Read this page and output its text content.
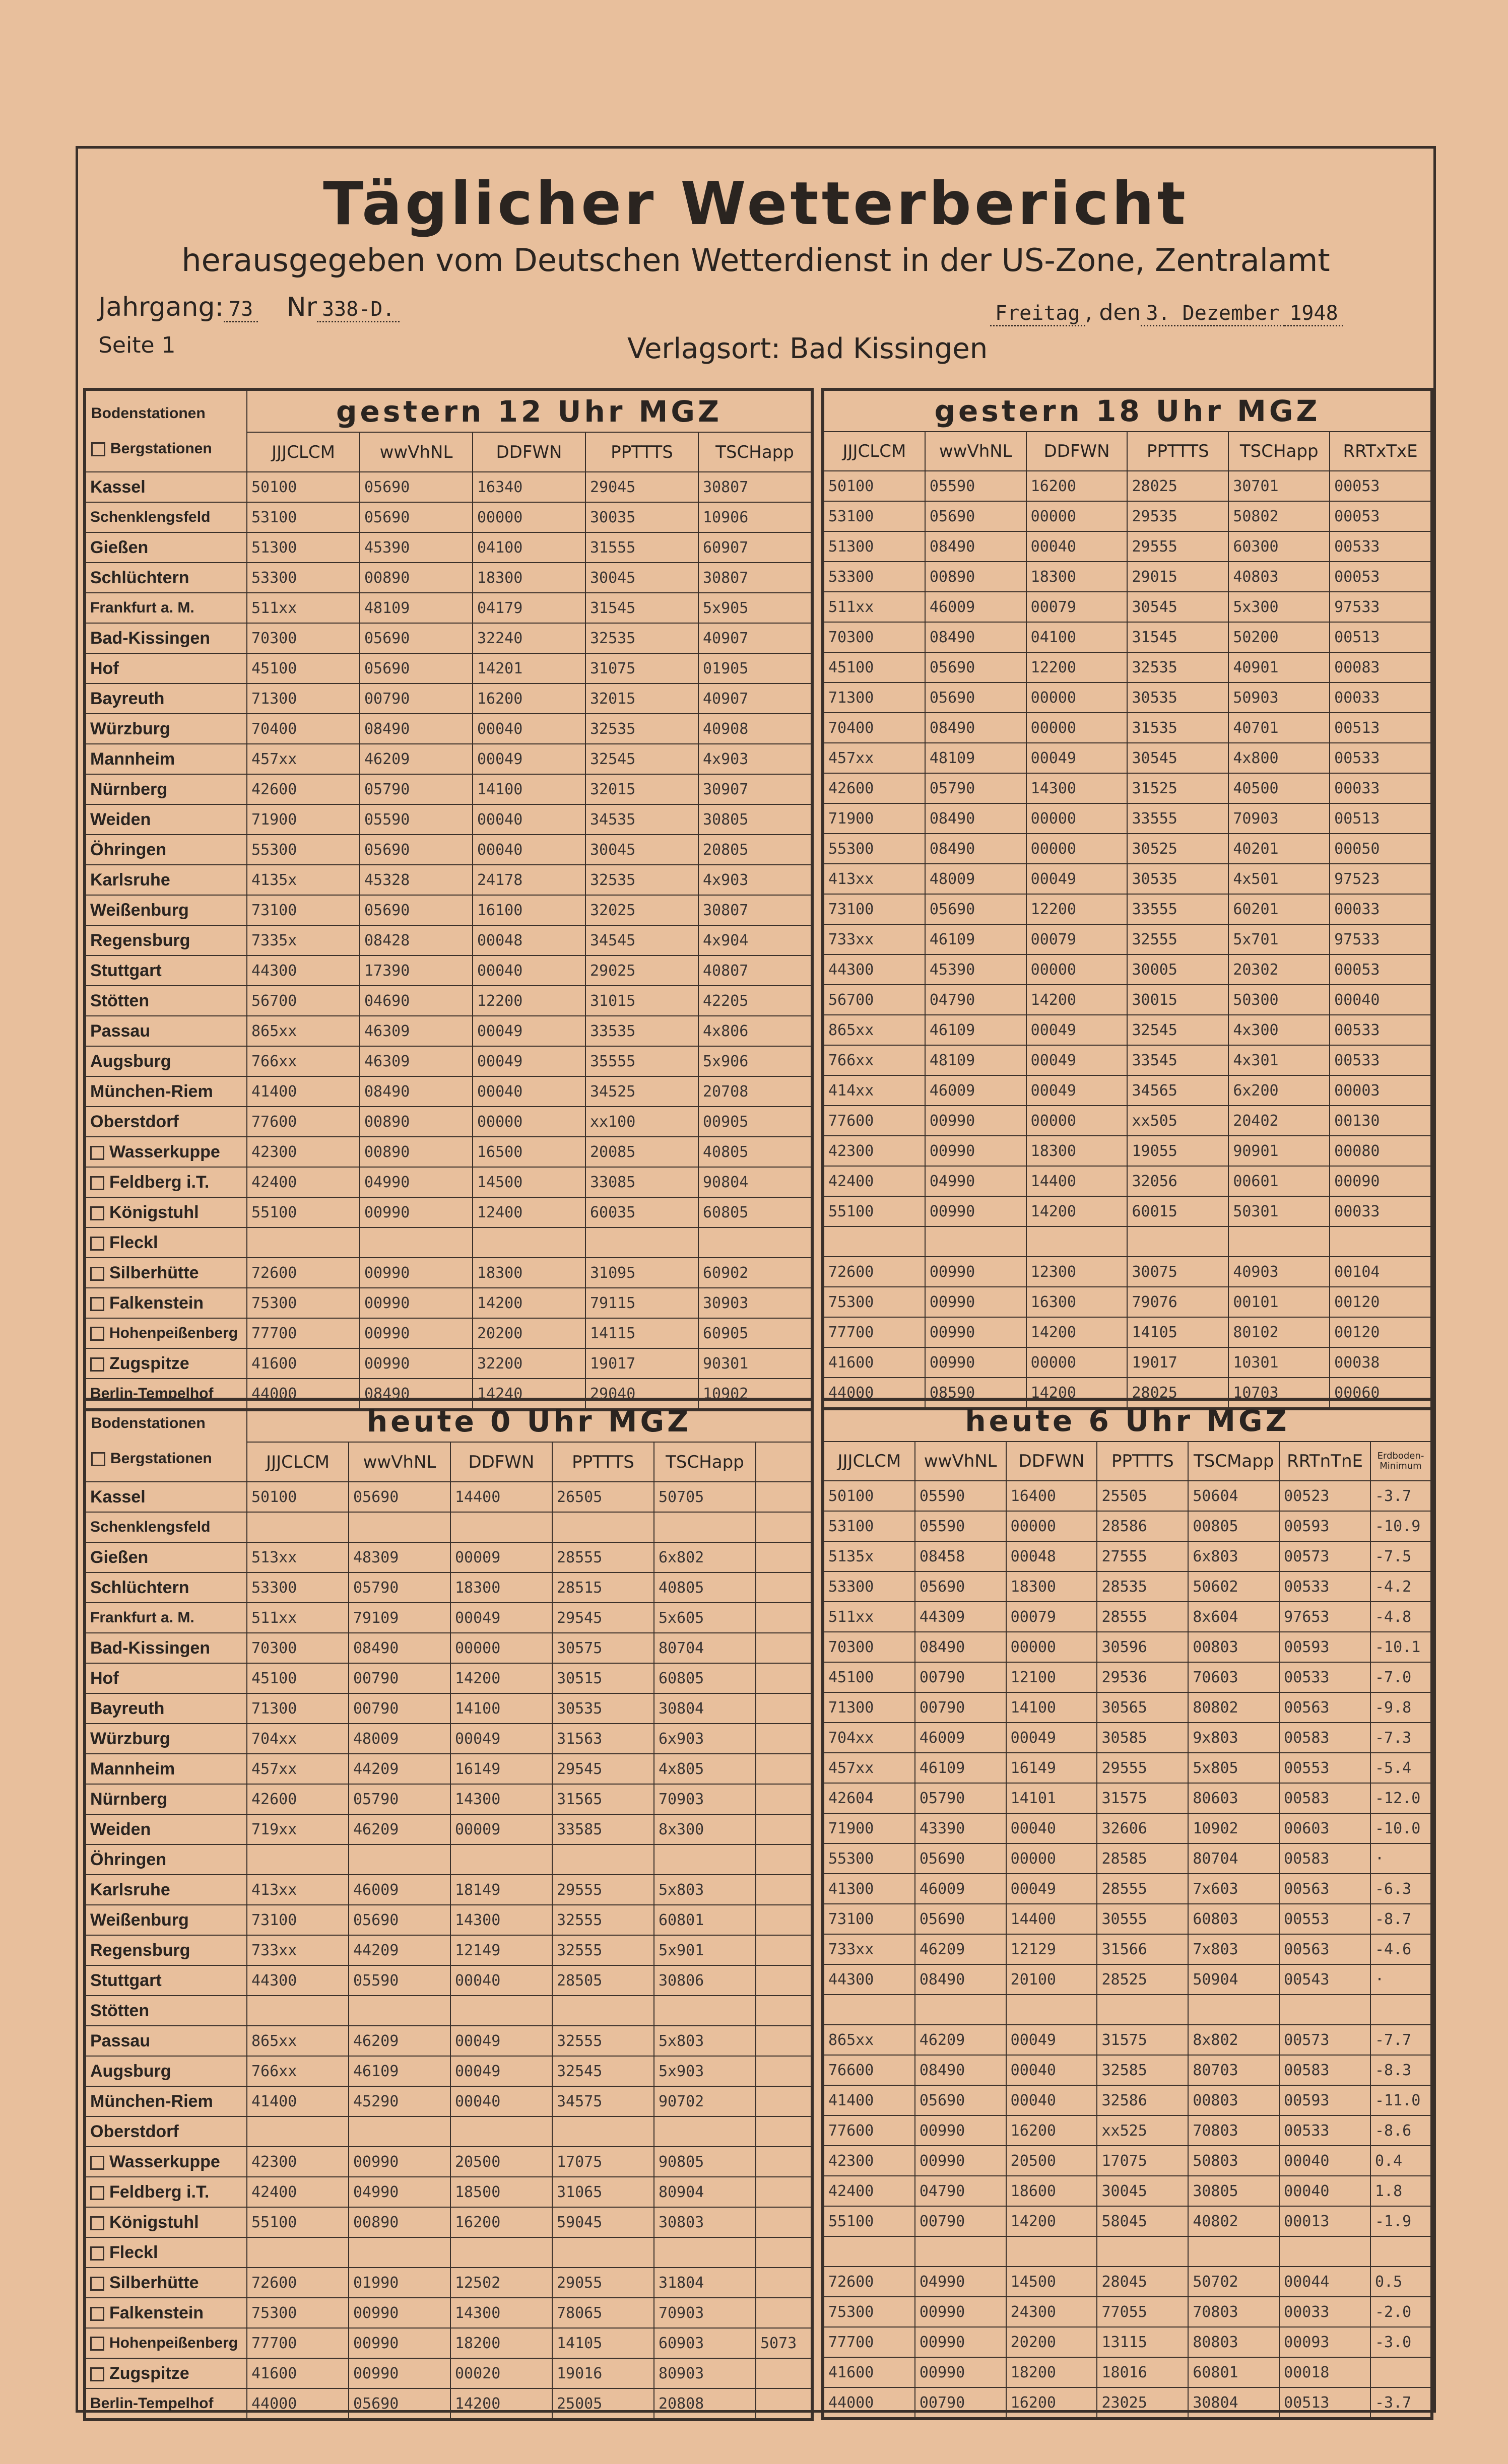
Täglicher Wetterbericht
herausgegeben vom Deutschen Wetterdienst in der US-Zone, Zentralamt
Jahrgang: 73 Nr 338-D.
Seite 1	Verlagsort: Bad Kissingen
Freitag , den 3. Dezember 1948
Bodenstationen
Bergstationen	gestern 12 Uhr MGZ				
	JJJCLCM	wwVhNL	DDFWN	PPTTTS	TSCHapp
Kassel	50100	05690	16340	29045	30807
Schenklengsfeld	53100	05690	00000	30035	10906
Gießen	51300	45390	04100	31555	60907
Schlüchtern	53300	00890	18300	30045	30807
Frankfurt a. M.	511xx	48109	04179	31545	5x905
Bad-Kissingen	70300	05690	32240	32535	40907
Hof	45100	05690	14201	31075	01905
Bayreuth	71300	00790	16200	32015	40907
Würzburg	70400	08490	00040	32535	40908
Mannheim	457xx	46209	00049	32545	4x903
Nürnberg	42600	05790	14100	32015	30907
Weiden	71900	05590	00040	34535	30805
Öhringen	55300	05690	00040	30045	20805
Karlsruhe	4135x	45328	24178	32535	4x903
Weißenburg	73100	05690	16100	32025	30807
Regensburg	7335x	08428	00048	34545	4x904
Stuttgart	44300	17390	00040	29025	40807
Stötten	56700	04690	12200	31015	42205
Passau	865xx	46309	00049	33535	4x806
Augsburg	766xx	46309	00049	35555	5x906
München-Riem	41400	08490	00040	34525	20708
Oberstdorf	77600	00890	00000	xx100	00905
Wasserkuppe	42300	00890	16500	20085	40805
Feldberg i.T.	42400	04990	14500	33085	90804
Königstuhl	55100	00990	12400	60035	60805
Fleckl					
Silberhütte	72600	00990	18300	31095	60902
Falkenstein	75300	00990	14200	79115	30903
Hohenpeißenberg	77700	00990	20200	14115	60905
Zugspitze	41600	00990	32200	19017	90301
Berlin-Tempelhof	44000	08490	14240	29040	10902
gestern 18 Uhr MGZ					
JJJCLCM	wwVhNL	DDFWN	PPTTTS	TSCHapp	RRTxTxE
50100	05590	16200	28025	30701	00053
53100	05690	00000	29535	50802	00053
51300	08490	00040	29555	60300	00533
53300	00890	18300	29015	40803	00053
511xx	46009	00079	30545	5x300	97533
70300	08490	04100	31545	50200	00513
45100	05690	12200	32535	40901	00083
71300	05690	00000	30535	50903	00033
70400	08490	00000	31535	40701	00513
457xx	48109	00049	30545	4x800	00533
42600	05790	14300	31525	40500	00033
71900	08490	00000	33555	70903	00513
55300	08490	00000	30525	40201	00050
413xx	48009	00049	30535	4x501	97523
73100	05690	12200	33555	60201	00033
733xx	46109	00079	32555	5x701	97533
44300	45390	00000	30005	20302	00053
56700	04790	14200	30015	50300	00040
865xx	46109	00049	32545	4x300	00533
766xx	48109	00049	33545	4x301	00533
414xx	46009	00049	34565	6x200	00003
77600	00990	00000	xx505	20402	00130
42300	00990	18300	19055	90901	00080
42400	04990	14400	32056	00601	00090
55100	00990	14200	60015	50301	00033

72600	00990	12300	30075	40903	00104
75300	00990	16300	79076	00101	00120
77700	00990	14200	14105	80102	00120
41600	00990	00000	19017	10301	00038
44000	08590	14200	28025	10703	00060
Bodenstationen
Bergstationen	heute 0 Uhr MGZ					
	JJJCLCM	wwVhNL	DDFWN	PPTTTS	TSCHapp	
Kassel	50100	05690	14400	26505	50705	
Schenklengsfeld						
Gießen	513xx	48309	00009	28555	6x802	
Schlüchtern	53300	05790	18300	28515	40805	
Frankfurt a. M.	511xx	79109	00049	29545	5x605	
Bad-Kissingen	70300	08490	00000	30575	80704	
Hof	45100	00790	14200	30515	60805	
Bayreuth	71300	00790	14100	30535	30804	
Würzburg	704xx	48009	00049	31563	6x903	
Mannheim	457xx	44209	16149	29545	4x805	
Nürnberg	42600	05790	14300	31565	70903	
Weiden	719xx	46209	00009	33585	8x300	
Öhringen						
Karlsruhe	413xx	46009	18149	29555	5x803	
Weißenburg	73100	05690	14300	32555	60801	
Regensburg	733xx	44209	12149	32555	5x901	
Stuttgart	44300	05590	00040	28505	30806	
Stötten						
Passau	865xx	46209	00049	32555	5x803	
Augsburg	766xx	46109	00049	32545	5x903	
München-Riem	41400	45290	00040	34575	90702	
Oberstdorf						
Wasserkuppe	42300	00990	20500	17075	90805	
Feldberg i.T.	42400	04990	18500	31065	80904	
Königstuhl	55100	00890	16200	59045	30803	
Fleckl						
Silberhütte	72600	01990	12502	29055	31804	
Falkenstein	75300	00990	14300	78065	70903	
Hohenpeißenberg	77700	00990	18200	14105	60903	5073
Zugspitze	41600	00990	00020	19016	80903	
Berlin-Tempelhof	44000	05690	14200	25005	20808	
heute 6 Uhr MGZ						
JJJCLCM	wwVhNL	DDFWN	PPTTTS	TSCMapp	RRTnTnE	Erdboden-Minimum
50100	05590	16400	25505	50604	00523	-3.7
53100	05590	00000	28586	00805	00593	-10.9
5135x	08458	00048	27555	6x803	00573	-7.5
53300	05690	18300	28535	50602	00533	-4.2
511xx	44309	00079	28555	8x604	97653	-4.8
70300	08490	00000	30596	00803	00593	-10.1
45100	00790	12100	29536	70603	00533	-7.0
71300	00790	14100	30565	80802	00563	-9.8
704xx	46009	00049	30585	9x803	00583	-7.3
457xx	46109	16149	29555	5x805	00553	-5.4
42604	05790	14101	31575	80603	00583	-12.0
71900	43390	00040	32606	10902	00603	-10.0
55300	05690	00000	28585	80704	00583	·
41300	46009	00049	28555	7x603	00563	-6.3
73100	05690	14400	30555	60803	00553	-8.7
733xx	46209	12129	31566	7x803	00563	-4.6
44300	08490	20100	28525	50904	00543	·

865xx	46209	00049	31575	8x802	00573	-7.7
76600	08490	00040	32585	80703	00583	-8.3
41400	05690	00040	32586	00803	00593	-11.0
77600	00990	16200	xx525	70803	00533	-8.6
42300	00990	20500	17075	50803	00040	0.4
42400	04790	18600	30045	30805	00040	1.8
55100	00790	14200	58045	40802	00013	-1.9

72600	04990	14500	28045	50702	00044	0.5
75300	00990	24300	77055	70803	00033	-2.0
77700	00990	20200	13115	80803	00093	-3.0
41600	00990	18200	18016	60801	00018	
44000	00790	16200	23025	30804	00513	-3.7
